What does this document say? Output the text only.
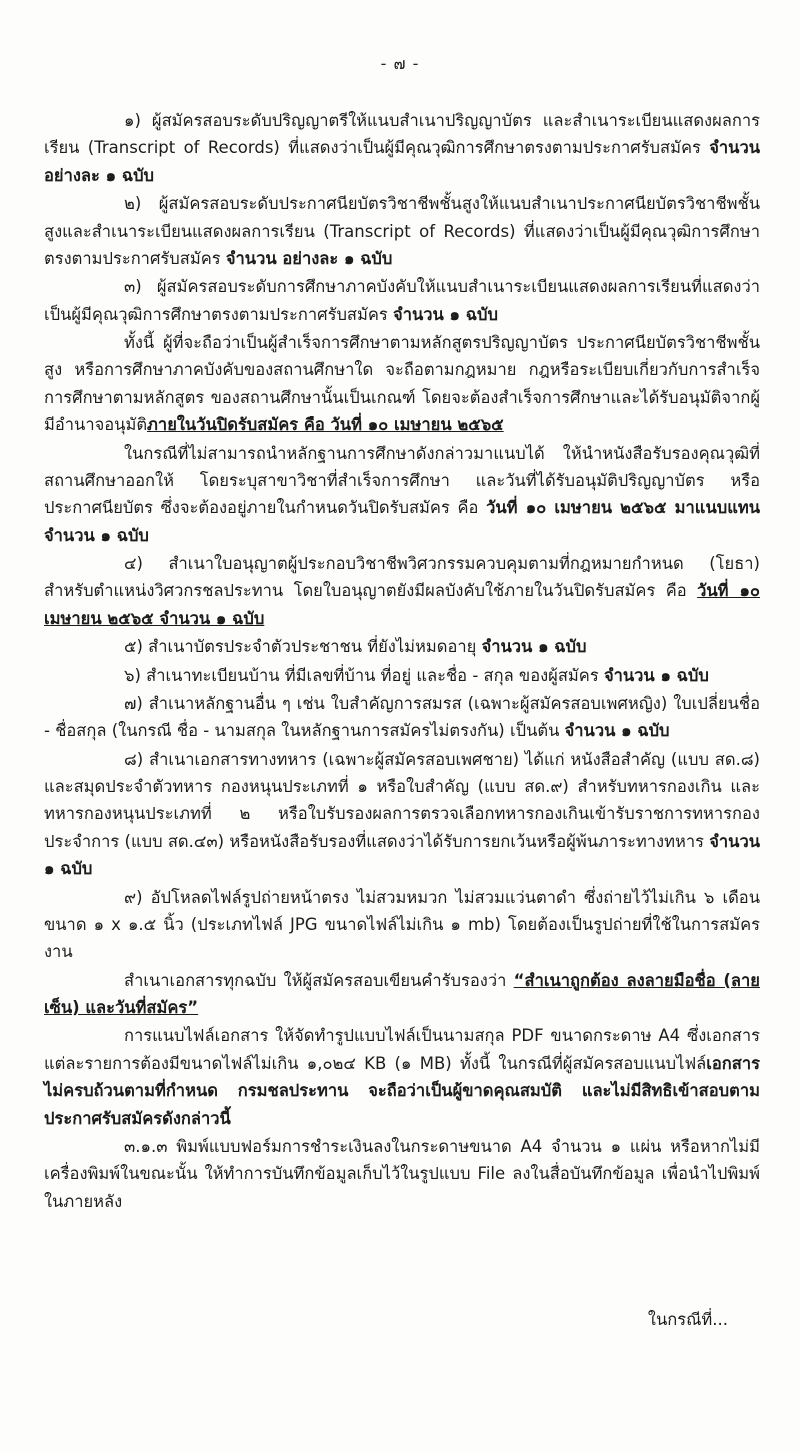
- ๗ -

๑) ผู้สมัครสอบระดับปริญญาตรีให้แนบสำเนาปริญญาบัตร และสำเนาระเบียนแสดงผลการเรียน (Transcript of Records) ที่แสดงว่าเป็นผู้มีคุณวุฒิการศึกษาตรงตามประกาศรับสมัคร จำนวน อย่างละ ๑ ฉบับ

๒) ผู้สมัครสอบระดับประกาศนียบัตรวิชาชีพชั้นสูงให้แนบสำเนาประกาศนียบัตรวิชาชีพชั้นสูงและสำเนาระเบียนแสดงผลการเรียน (Transcript of Records) ที่แสดงว่าเป็นผู้มีคุณวุฒิการศึกษาตรงตามประกาศรับสมัคร จำนวน อย่างละ ๑ ฉบับ

๓) ผู้สมัครสอบระดับการศึกษาภาคบังคับให้แนบสำเนาระเบียนแสดงผลการเรียนที่แสดงว่าเป็นผู้มีคุณวุฒิการศึกษาตรงตามประกาศรับสมัคร จำนวน ๑ ฉบับ

ทั้งนี้ ผู้ที่จะถือว่าเป็นผู้สำเร็จการศึกษาตามหลักสูตรปริญญาบัตร ประกาศนียบัตรวิชาชีพชั้นสูง หรือการศึกษาภาคบังคับของสถานศึกษาใด จะถือตามกฎหมาย กฎหรือระเบียบเกี่ยวกับการสำเร็จการศึกษาตามหลักสูตร ของสถานศึกษานั้นเป็นเกณฑ์ โดยจะต้องสำเร็จการศึกษาและได้รับอนุมัติจากผู้มีอำนาจอนุมัติภายในวันปิดรับสมัคร คือ วันที่ ๑๐ เมษายน ๒๕๖๕

ในกรณีที่ไม่สามารถนำหลักฐานการศึกษาดังกล่าวมาแนบได้ ให้นำหนังสือรับรองคุณวุฒิที่สถานศึกษาออกให้ โดยระบุสาขาวิชาที่สำเร็จการศึกษา และวันที่ได้รับอนุมัติปริญญาบัตร หรือประกาศนียบัตร ซึ่งจะต้องอยู่ภายในกำหนดวันปิดรับสมัคร คือ วันที่ ๑๐ เมษายน ๒๕๖๕ มาแนบแทน จำนวน ๑ ฉบับ

๔) สำเนาใบอนุญาตผู้ประกอบวิชาชีพวิศวกรรมควบคุมตามที่กฎหมายกำหนด (โยธา) สำหรับตำแหน่งวิศวกรชลประทาน โดยใบอนุญาตยังมีผลบังคับใช้ภายในวันปิดรับสมัคร คือ วันที่ ๑๐ เมษายน ๒๕๖๕ จำนวน ๑ ฉบับ

๕) สำเนาบัตรประจำตัวประชาชน ที่ยังไม่หมดอายุ จำนวน ๑ ฉบับ

๖) สำเนาทะเบียนบ้าน ที่มีเลขที่บ้าน ที่อยู่ และชื่อ - สกุล ของผู้สมัคร จำนวน ๑ ฉบับ

๗) สำเนาหลักฐานอื่น ๆ เช่น ใบสำคัญการสมรส (เฉพาะผู้สมัครสอบเพศหญิง) ใบเปลี่ยนชื่อ - ชื่อสกุล (ในกรณี ชื่อ - นามสกุล ในหลักฐานการสมัครไม่ตรงกัน) เป็นต้น จำนวน ๑ ฉบับ

๘) สำเนาเอกสารทางทหาร (เฉพาะผู้สมัครสอบเพศชาย) ได้แก่ หนังสือสำคัญ (แบบ สด.๘) และสมุดประจำตัวทหาร กองหนุนประเภทที่ ๑ หรือใบสำคัญ (แบบ สด.๙) สำหรับทหารกองเกิน และทหารกองหนุนประเภทที่ ๒ หรือใบรับรองผลการตรวจเลือกทหารกองเกินเข้ารับราชการทหารกองประจำการ (แบบ สด.๔๓) หรือหนังสือรับรองที่แสดงว่าได้รับการยกเว้นหรือผู้พ้นภาระทางทหาร จำนวน ๑ ฉบับ

๙) อัปโหลดไฟล์รูปถ่ายหน้าตรง ไม่สวมหมวก ไม่สวมแว่นตาดำ ซึ่งถ่ายไว้ไม่เกิน ๖ เดือน ขนาด ๑ x ๑.๕ นิ้ว (ประเภทไฟล์ JPG ขนาดไฟล์ไม่เกิน ๑ mb) โดยต้องเป็นรูปถ่ายที่ใช้ในการสมัครงาน

สำเนาเอกสารทุกฉบับ ให้ผู้สมัครสอบเขียนคำรับรองว่า “สำเนาถูกต้อง ลงลายมือชื่อ (ลายเซ็น) และวันที่สมัคร”

การแนบไฟล์เอกสาร ให้จัดทำรูปแบบไฟล์เป็นนามสกุล PDF ขนาดกระดาษ A4 ซึ่งเอกสารแต่ละรายการต้องมีขนาดไฟล์ไม่เกิน ๑,๐๒๔ KB (๑ MB) ทั้งนี้ ในกรณีที่ผู้สมัครสอบแนบไฟล์เอกสารไม่ครบถ้วนตามที่กำหนด กรมชลประทาน จะถือว่าเป็นผู้ขาดคุณสมบัติ และไม่มีสิทธิเข้าสอบตามประกาศรับสมัครดังกล่าวนี้

๓.๑.๓ พิมพ์แบบฟอร์มการชำระเงินลงในกระดาษขนาด A4 จำนวน ๑ แผ่น หรือหากไม่มีเครื่องพิมพ์ในขณะนั้น ให้ทำการบันทึกข้อมูลเก็บไว้ในรูปแบบ File ลงในสื่อบันทึกข้อมูล เพื่อนำไปพิมพ์ในภายหลัง

ในกรณีที่...
